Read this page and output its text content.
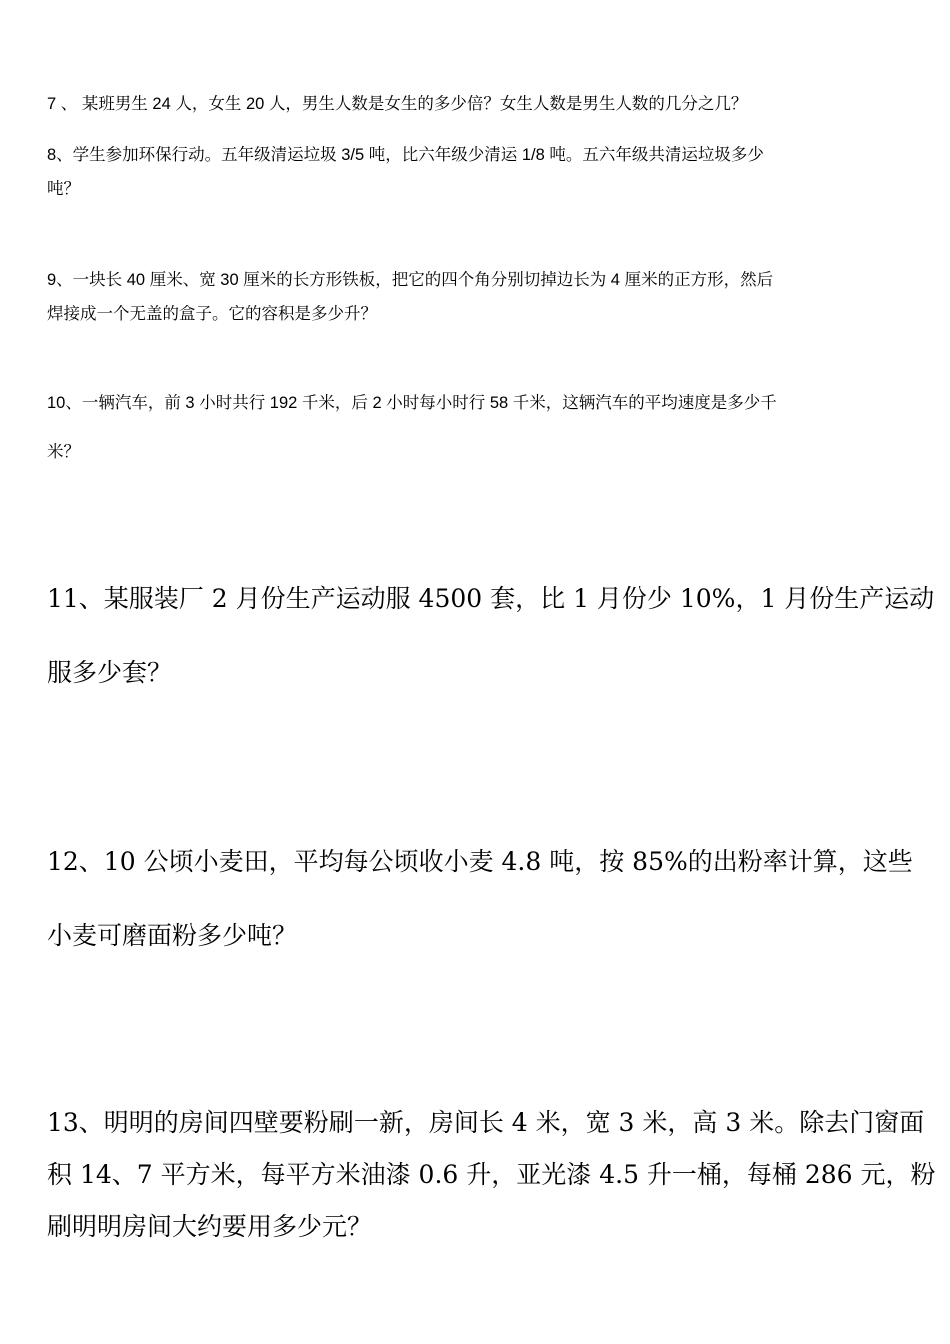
7 、 某班男生 24 人，女生 20 人，男生人数是女生的多少倍？女生人数是男生人数的几分之几？

8、学生参加环保行动。五年级清运垃圾 3/5 吨，比六年级少清运 1/8 吨。五六年级共清运垃圾多少

吨？

9、一块长 40 厘米、宽 30 厘米的长方形铁板，把它的四个角分别切掉边长为 4 厘米的正方形，然后

焊接成一个无盖的盒子。它的容积是多少升？

10、一辆汽车，前 3 小时共行 192 千米，后 2 小时每小时行 58 千米，这辆汽车的平均速度是多少千

米？

11、某服装厂 2 月份生产运动服 4500 套，比 1 月份少 10%，1 月份生产运动

服多少套？

12、10 公顷小麦田，平均每公顷收小麦 4.8 吨，按 85%的出粉率计算，这些

小麦可磨面粉多少吨？

13、明明的房间四壁要粉刷一新，房间长 4 米，宽 3 米，高 3 米。除去门窗面

积 14、7 平方米，每平方米油漆 0.6 升，亚光漆 4.5 升一桶，每桶 286 元，粉

刷明明房间大约要用多少元？
